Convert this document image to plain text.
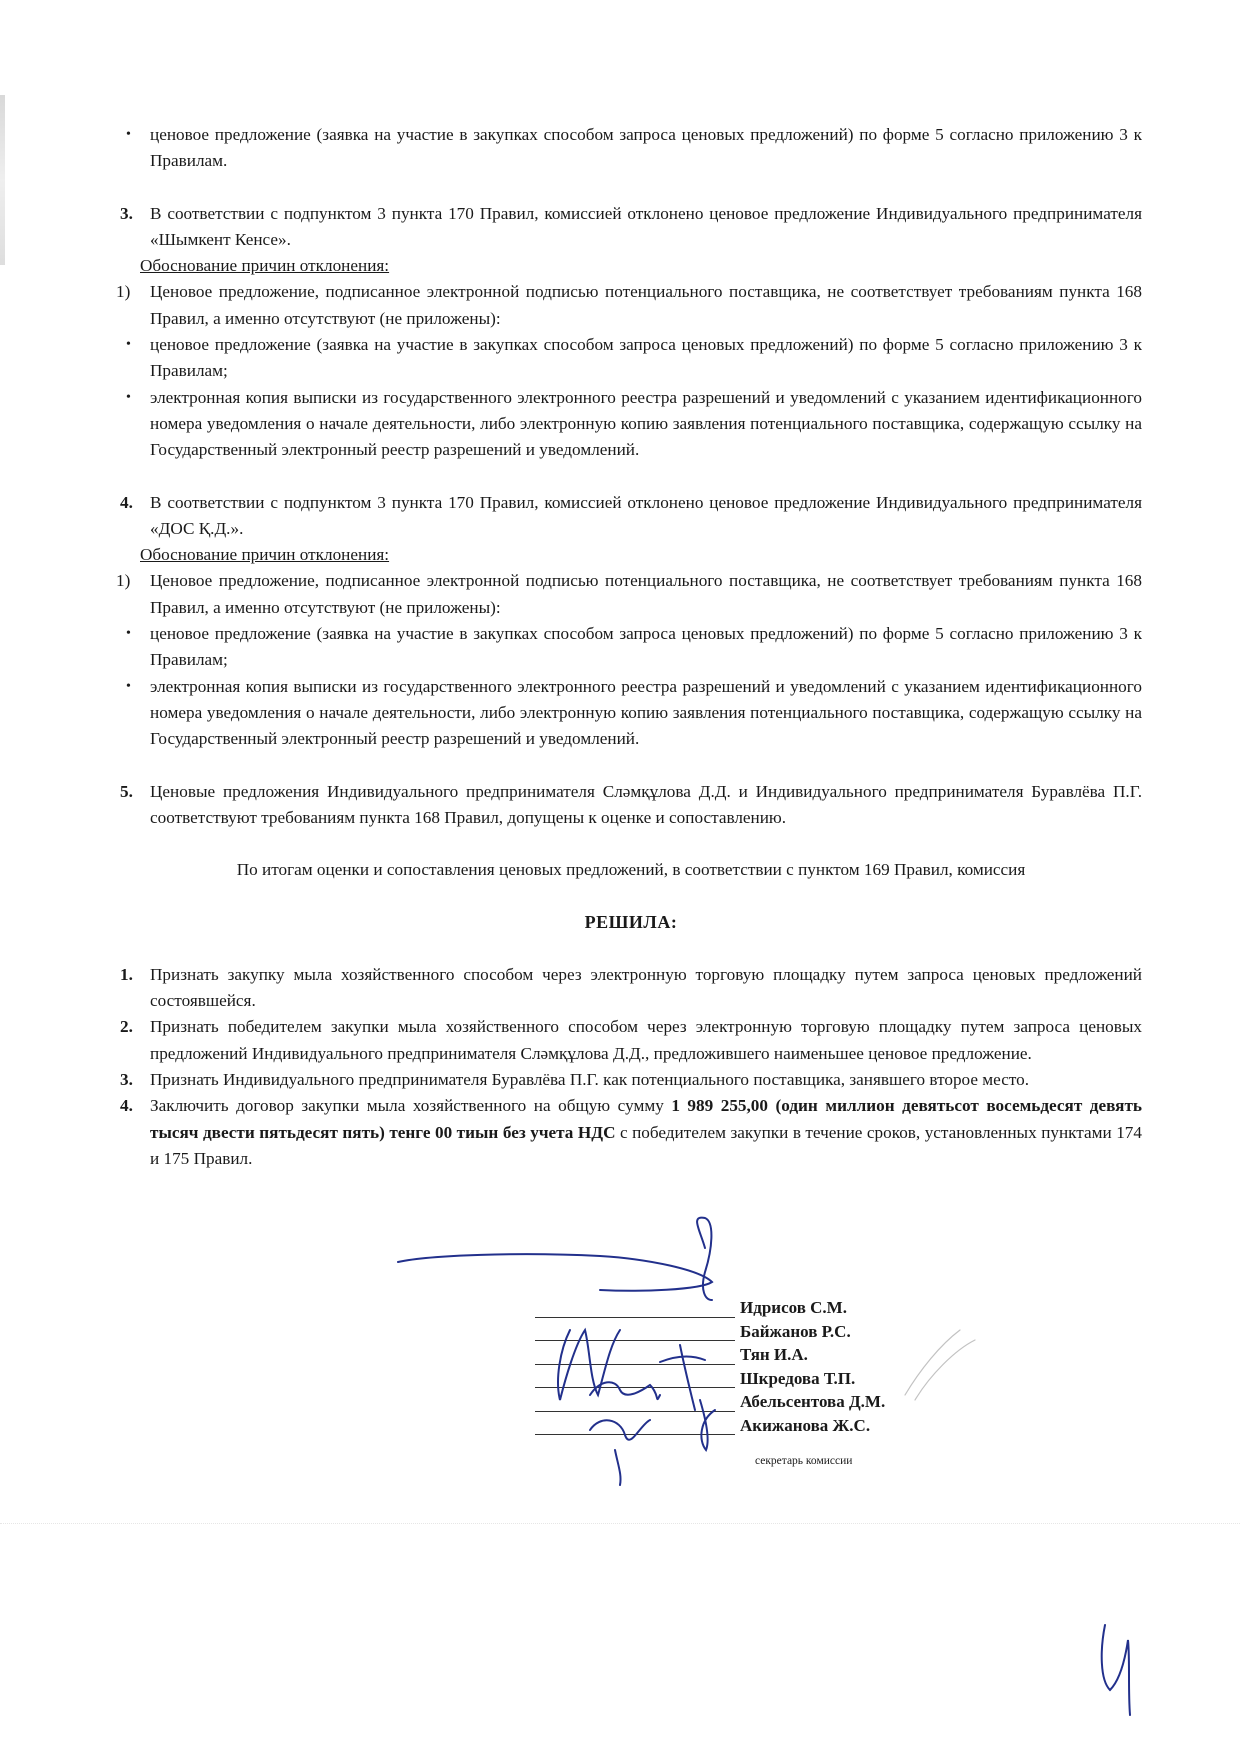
•	ценовое предложение (заявка на участие в закупках способом запроса ценовых предложений) по форме 5 согласно приложению 3 к Правилам.
3. В соответствии с подпунктом 3 пункта 170 Правил, комиссией отклонено ценовое предложение Индивидуального предпринимателя «Шымкент Кенсе».
Обоснование причин отклонения:
1)	Ценовое предложение, подписанное электронной подписью потенциального поставщика, не соответствует требованиям пункта 168 Правил, а именно отсутствуют (не приложены):
•	ценовое предложение (заявка на участие в закупках способом запроса ценовых предложений) по форме 5 согласно приложению 3 к Правилам;
•	электронная копия выписки из государственного электронного реестра разрешений и уведомлений с указанием идентификационного номера уведомления о начале деятельности, либо электронную копию заявления потенциального поставщика, содержащую ссылку на Государственный электронный реестр разрешений и уведомлений.
4. В соответствии с подпунктом 3 пункта 170 Правил, комиссией отклонено ценовое предложение Индивидуального предпринимателя «ДОС Қ.Д.».
Обоснование причин отклонения:
1)	Ценовое предложение, подписанное электронной подписью потенциального поставщика, не соответствует требованиям пункта 168 Правил, а именно отсутствуют (не приложены):
•	ценовое предложение (заявка на участие в закупках способом запроса ценовых предложений) по форме 5 согласно приложению 3 к Правилам;
•	электронная копия выписки из государственного электронного реестра разрешений и уведомлений с указанием идентификационного номера уведомления о начале деятельности, либо электронную копию заявления потенциального поставщика, содержащую ссылку на Государственный электронный реестр разрешений и уведомлений.
5. Ценовые предложения Индивидуального предпринимателя Сләмқұлова Д.Д. и Индивидуального предпринимателя Буравлёва П.Г. соответствуют требованиям пункта 168 Правил, допущены к оценке и сопоставлению.
По итогам оценки и сопоставления ценовых предложений, в соответствии с пунктом 169 Правил, комиссия
РЕШИЛА:
1. Признать закупку мыла хозяйственного способом через электронную торговую площадку путем запроса ценовых предложений состоявшейся.
2. Признать победителем закупки мыла хозяйственного способом через электронную торговую площадку путем запроса ценовых предложений Индивидуального предпринимателя Сләмқұлова Д.Д., предложившего наименьшее ценовое предложение.
3. Признать Индивидуального предпринимателя Буравлёва П.Г. как потенциального поставщика, занявшего второе место.
4. Заключить договор закупки мыла хозяйственного на общую сумму 1 989 255,00 (один миллион девятьсот восемьдесят девять тысяч двести пятьдесят пять) тенге 00 тиын без учета НДС с победителем закупки в течение сроков, установленных пунктами 174 и 175 Правил.
Идрисов С.М.
Байжанов Р.С.
Тян И.А.
Шкредова Т.П.
Абельсентова Д.М.
Акижанова Ж.С.
секретарь комиссии
